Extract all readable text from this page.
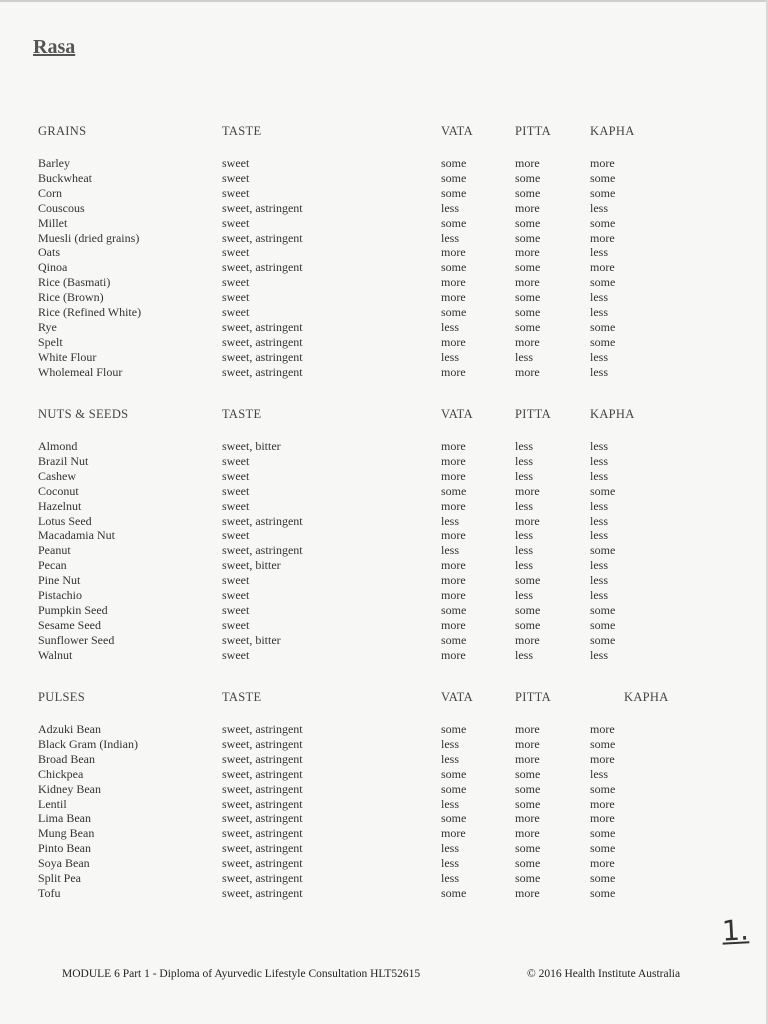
Rasa
GRAINS	TASTE	VATA	PITTA	KAPHA
Barley	sweet	some	more	more
Buckwheat	sweet	some	some	some
Corn	sweet	some	some	some
Couscous	sweet, astringent	less	more	less
Millet	sweet	some	some	some
Muesli (dried grains)	sweet, astringent	less	some	more
Oats	sweet	more	more	less
Qinoa	sweet, astringent	some	some	more
Rice (Basmati)	sweet	more	more	some
Rice (Brown)	sweet	more	some	less
Rice (Refined White)	sweet	some	some	less
Rye	sweet, astringent	less	some	some
Spelt	sweet, astringent	more	more	some
White Flour	sweet, astringent	less	less	less
Wholemeal Flour	sweet, astringent	more	more	less
NUTS & SEEDS	TASTE	VATA	PITTA	KAPHA
Almond	sweet, bitter	more	less	less
Brazil Nut	sweet	more	less	less
Cashew	sweet	more	less	less
Coconut	sweet	some	more	some
Hazelnut	sweet	more	less	less
Lotus Seed	sweet, astringent	less	more	less
Macadamia Nut	sweet	more	less	less
Peanut	sweet, astringent	less	less	some
Pecan	sweet, bitter	more	less	less
Pine Nut	sweet	more	some	less
Pistachio	sweet	more	less	less
Pumpkin Seed	sweet	some	some	some
Sesame Seed	sweet	more	some	some
Sunflower Seed	sweet, bitter	some	more	some
Walnut	sweet	more	less	less
PULSES	TASTE	VATA	PITTA	KAPHA
Adzuki Bean	sweet, astringent	some	more	more
Black Gram (Indian)	sweet, astringent	less	more	some
Broad Bean	sweet, astringent	less	more	more
Chickpea	sweet, astringent	some	some	less
Kidney Bean	sweet, astringent	some	some	some
Lentil	sweet, astringent	less	some	more
Lima Bean	sweet, astringent	some	more	more
Mung Bean	sweet, astringent	more	more	some
Pinto Bean	sweet, astringent	less	some	some
Soya Bean	sweet, astringent	less	some	more
Split Pea	sweet, astringent	less	some	some
Tofu	sweet, astringent	some	more	some
MODULE 6 Part 1 - Diploma of Ayurvedic Lifestyle Consultation HLT52615	© 2016 Health Institute Australia
1.
